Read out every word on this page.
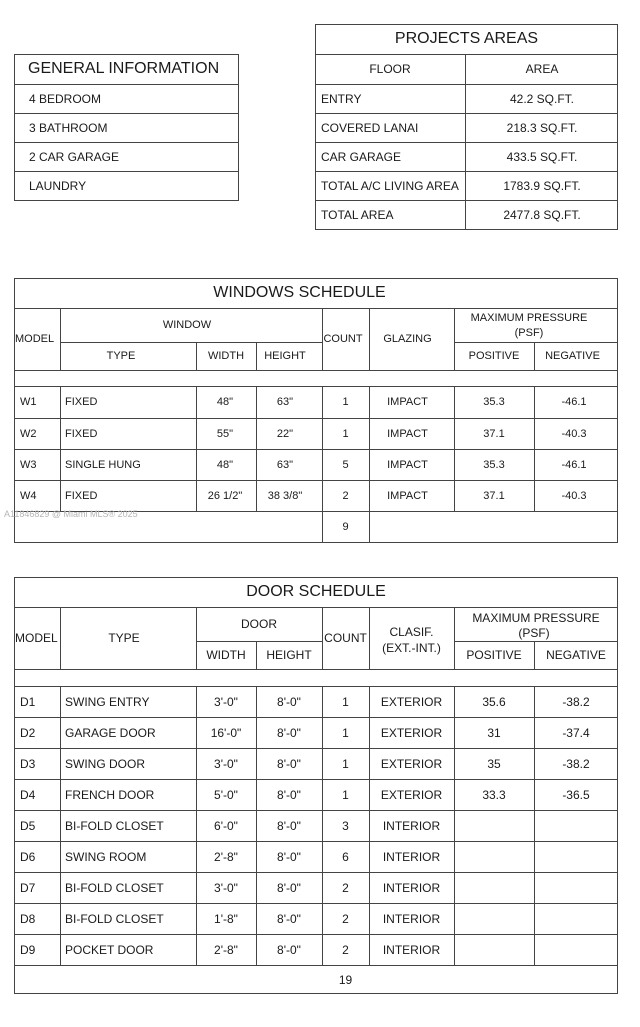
GENERAL INFORMATION
4 BEDROOM
3 BATHROOM
2 CAR GARAGE
LAUNDRY
PROJECTS AREAS
FLOOR	AREA
ENTRY	42.2 SQ.FT.
COVERED LANAI	218.3 SQ.FT.
CAR GARAGE	433.5 SQ.FT.
TOTAL A/C LIVING AREA	1783.9 SQ.FT.
TOTAL AREA	2477.8 SQ.FT.
WINDOWS SCHEDULE
MODEL
WINDOW
TYPE	WIDTH	HEIGHT
COUNT	GLAZING
MAXIMUM PRESSURE
(PSF)
POSITIVE	NEGATIVE
W1	FIXED	48"	63"	1	IMPACT	35.3	-46.1
W2	FIXED	55"	22"	1	IMPACT	37.1	-40.3
W3	SINGLE HUNG	48"	63"	5	IMPACT	35.3	-46.1
W4	FIXED	26 1/2"	38 3/8"	2	IMPACT	37.1	-40.3
9
A11846829 @ Miami MLS® 2025
DOOR SCHEDULE
MODEL	TYPE
DOOR
WIDTH	HEIGHT
COUNT	CLASIF.
(EXT.-INT.)
MAXIMUM PRESSURE
(PSF)
POSITIVE	NEGATIVE
D1	SWING ENTRY	3'-0"	8'-0"	1	EXTERIOR	35.6	-38.2
D2	GARAGE DOOR	16'-0"	8'-0"	1	EXTERIOR	31	-37.4
D3	SWING DOOR	3'-0"	8'-0"	1	EXTERIOR	35	-38.2
D4	FRENCH DOOR	5'-0"	8'-0"	1	EXTERIOR	33.3	-36.5
D5	BI-FOLD CLOSET	6'-0"	8'-0"	3	INTERIOR
D6	SWING ROOM	2'-8"	8'-0"	6	INTERIOR
D7	BI-FOLD CLOSET	3'-0"	8'-0"	2	INTERIOR
D8	BI-FOLD CLOSET	1'-8"	8'-0"	2	INTERIOR
D9	POCKET DOOR	2'-8"	8'-0"	2	INTERIOR
19
